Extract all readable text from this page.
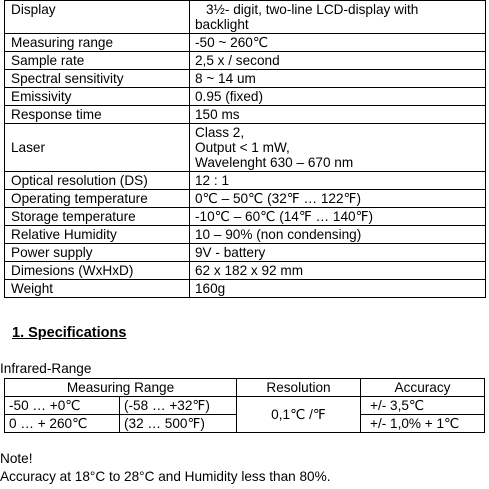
Display	3½- digit, two-line LCD-display with
backlight

Measuring range	-50 ~ 260℃
Sample rate	2,5 x / second
Spectral sensitivity	8 ~ 14 um
Emissivity	0.95 (fixed)
Response time	150 ms
Laser	Class 2,
Output < 1 mW,
Wavelenght 630 – 670 nm

Optical resolution (DS)	12 : 1
Operating temperature	0℃ – 50℃ (32℉ … 122℉)
Storage temperature	-10℃ – 60℃ (14℉ … 140℉)
Relative Humidity	10 – 90% (non condensing)
Power supply	9V - battery
Dimesions (WxHxD)	62 x 182 x 92 mm
Weight	160g
1. Specifications
Infrared-Range
Measuring Range		Resolution	Accuracy
-50 … +0℃	(-58 … +32℉)	0,1℃ /℉	+/- 3,5℃
0 … + 260℃	(32 … 500℉)		+/- 1,0% + 1℃
Note!
Accuracy at 18°C to 28°C and Humidity less than 80%.
